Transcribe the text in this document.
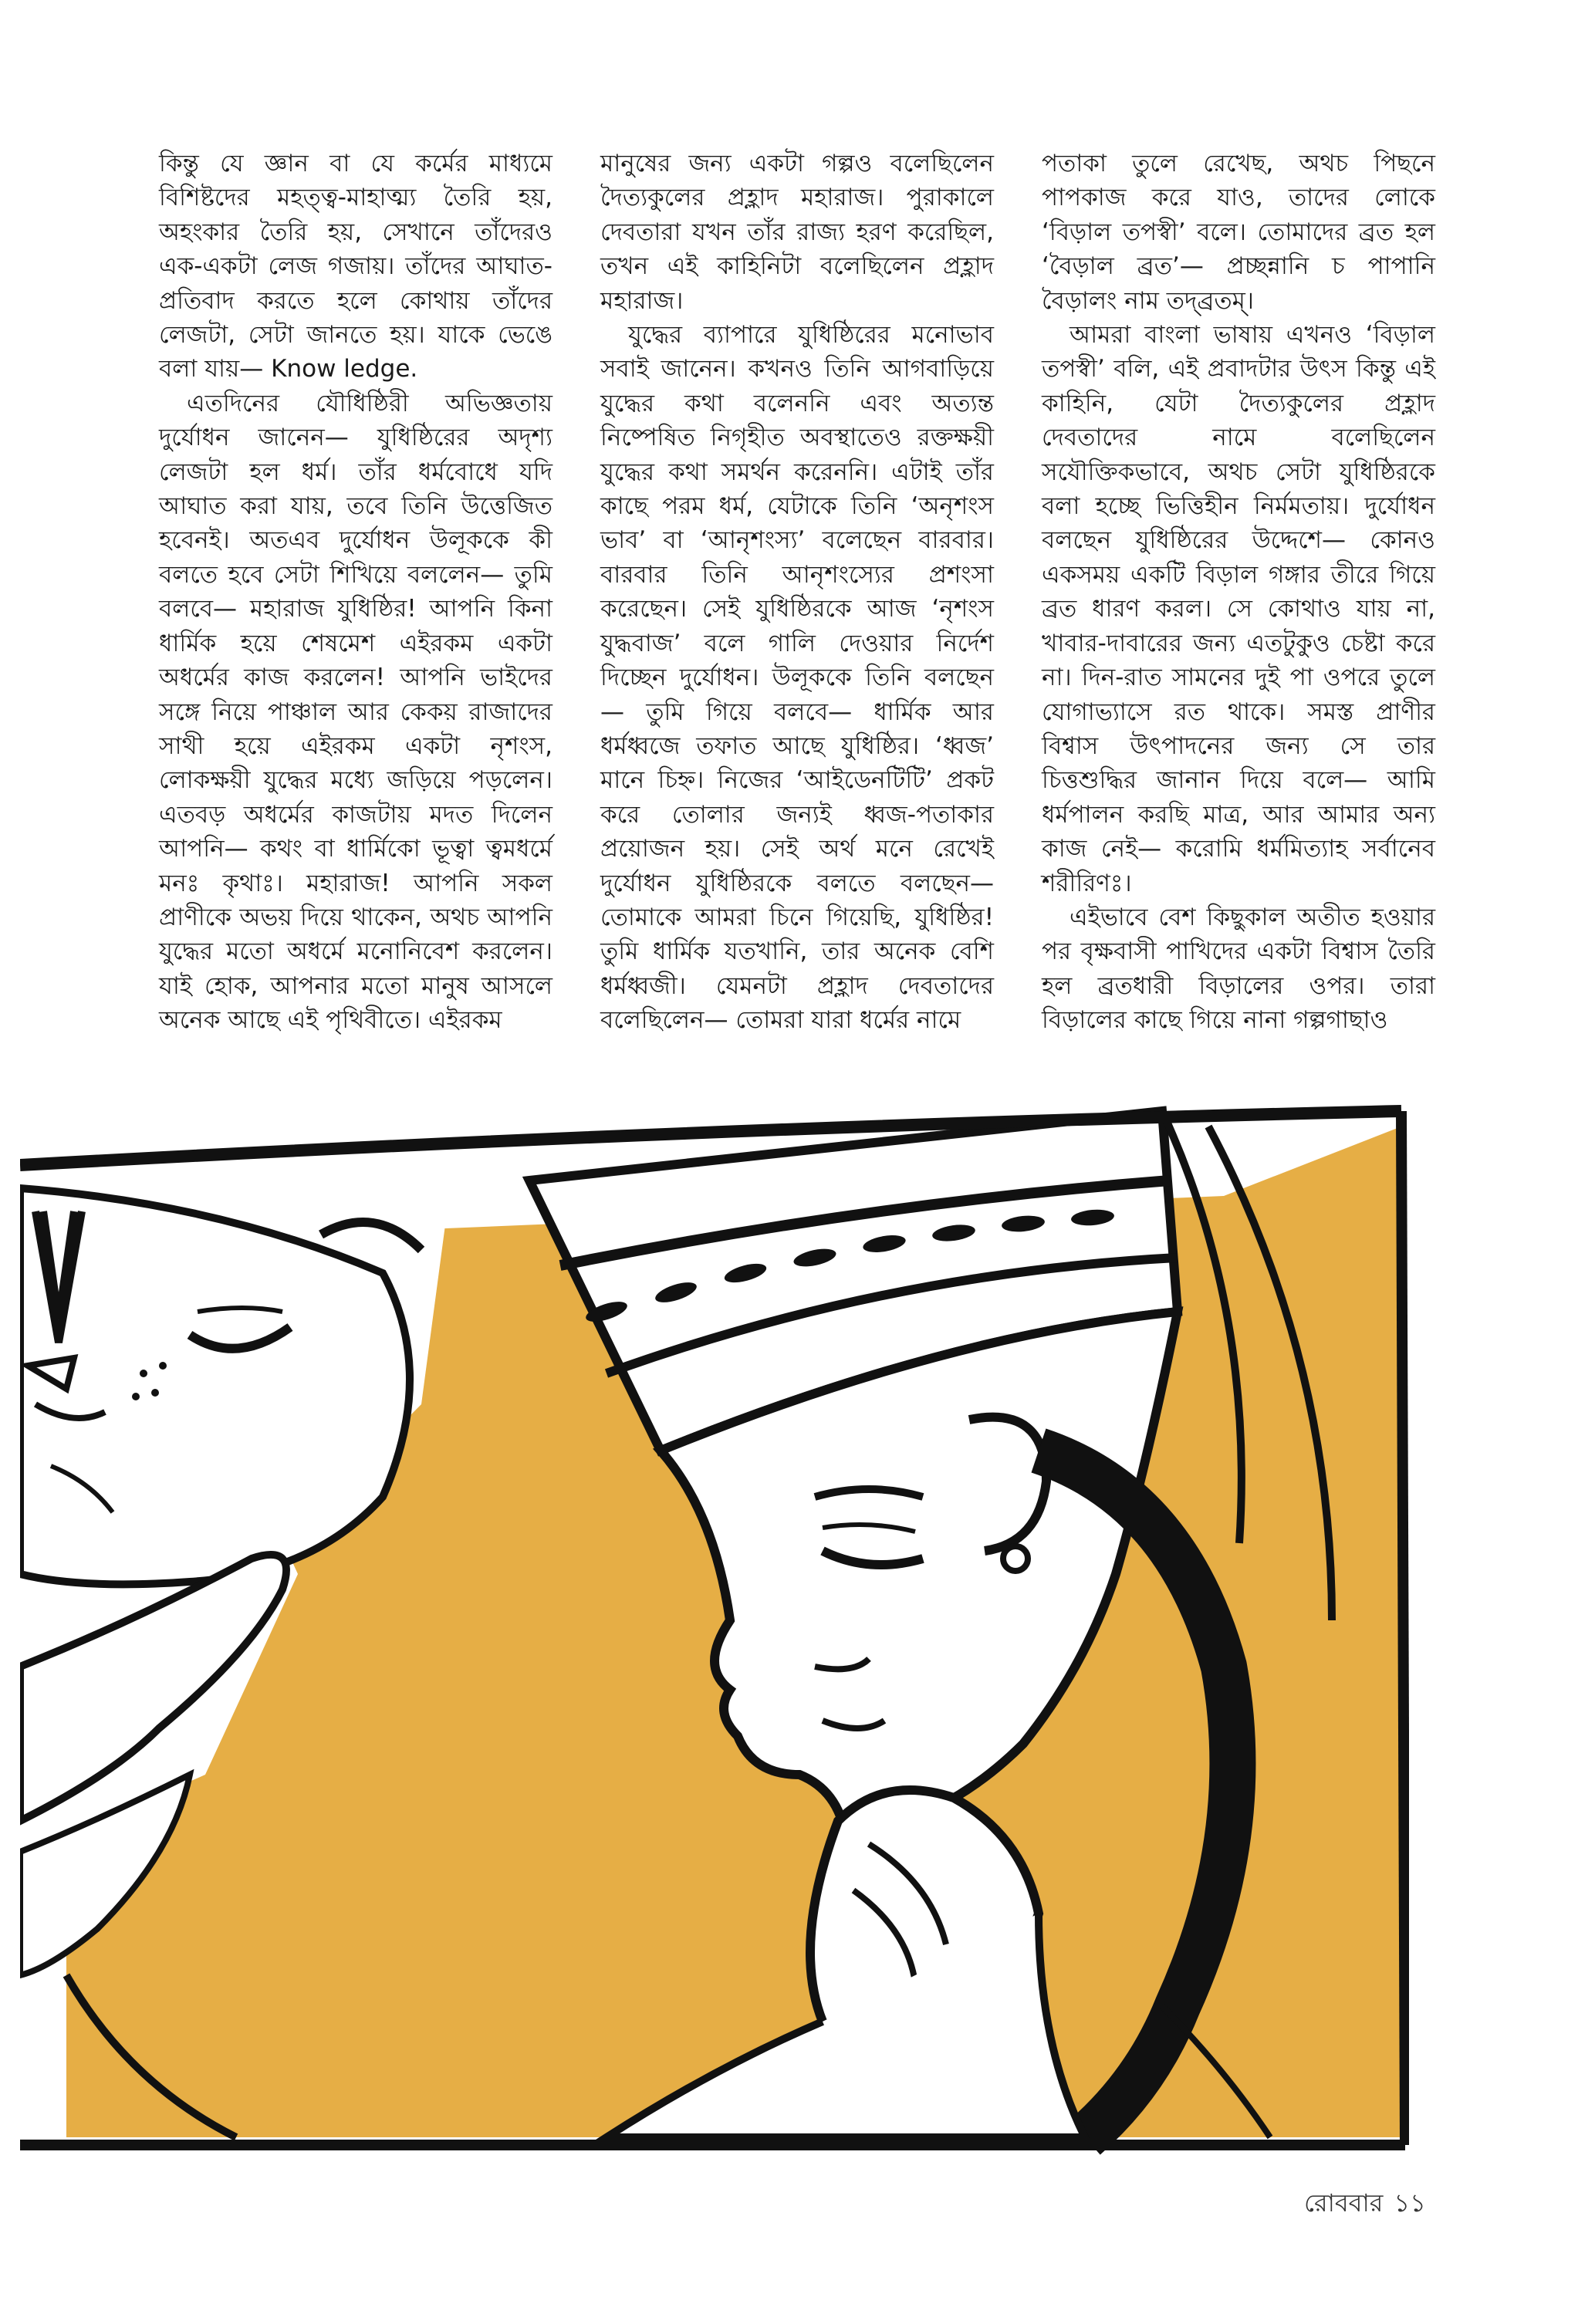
কিন্তু যে জ্ঞান বা যে কর্মের মাধ্যমে বিশিষ্টদের মহত্ত্ব-মাহাত্ম্য তৈরি হয়, অহংকার তৈরি হয়, সেখানে তাঁদেরও এক-একটা লেজ গজায়। তাঁদের আঘাত-প্রতিবাদ করতে হলে কোথায় তাঁদের লেজটা, সেটা জানতে হয়। যাকে ভেঙে বলা যায়— Know ledge.

এতদিনের যৌধিষ্ঠিরী অভিজ্ঞতায় দুর্যোধন জানেন— যুধিষ্ঠিরের অদৃশ্য লেজটা হল ধর্ম। তাঁর ধর্মবোধে যদি আঘাত করা যায়, তবে তিনি উত্তেজিত হবেনই। অতএব দুর্যোধন উলূককে কী বলতে হবে সেটা শিখিয়ে বললেন— তুমি বলবে— মহারাজ যুধিষ্ঠির! আপনি কিনা ধার্মিক হয়ে শেষমেশ এইরকম একটা অধর্মের কাজ করলেন! আপনি ভাইদের সঙ্গে নিয়ে পাঞ্চাল আর কেকয় রাজাদের সাথী হয়ে এইরকম একটা নৃশংস, লোকক্ষয়ী যুদ্ধের মধ্যে জড়িয়ে পড়লেন। এতবড় অধর্মের কাজটায় মদত দিলেন আপনি— কথং বা ধার্মিকো ভূত্বা ত্বমধর্মে মনঃ কৃথাঃ। মহারাজ! আপনি সকল প্রাণীকে অভয় দিয়ে থাকেন, অথচ আপনি যুদ্ধের মতো অধর্মে মনোনিবেশ করলেন। যাই হোক, আপনার মতো মানুষ আসলে অনেক আছে এই পৃথিবীতে। এইরকম

মানুষের জন্য একটা গল্পও বলেছিলেন দৈত্যকুলের প্রহ্লাদ মহারাজ। পুরাকালে দেবতারা যখন তাঁর রাজ্য হরণ করেছিল, তখন এই কাহিনিটা বলেছিলেন প্রহ্লাদ মহারাজ।

যুদ্ধের ব্যাপারে যুধিষ্ঠিরের মনোভাব সবাই জানেন। কখনও তিনি আগবাড়িয়ে যুদ্ধের কথা বলেননি এবং অত্যন্ত নিষ্পেষিত নিগৃহীত অবস্থাতেও রক্তক্ষয়ী যুদ্ধের কথা সমর্থন করেননি। এটাই তাঁর কাছে পরম ধর্ম, যেটাকে তিনি ‘অনৃশংস ভাব’ বা ‘আনৃশংস্য’ বলেছেন বারবার। বারবার তিনি আনৃশংস্যের প্রশংসা করেছেন। সেই যুধিষ্ঠিরকে আজ ‘নৃশংস যুদ্ধবাজ’ বলে গালি দেওয়ার নির্দেশ দিচ্ছেন দুর্যোধন। উলূককে তিনি বলছেন— তুমি গিয়ে বলবে— ধার্মিক আর ধর্মধ্বজে তফাত আছে যুধিষ্ঠির। ‘ধ্বজ’ মানে চিহ্ন। নিজের ‘আইডেনটিটি’ প্রকট করে তোলার জন্যই ধ্বজ-পতাকার প্রয়োজন হয়। সেই অর্থ মনে রেখেই দুর্যোধন যুধিষ্ঠিরকে বলতে বলছেন— তোমাকে আমরা চিনে গিয়েছি, যুধিষ্ঠির! তুমি ধার্মিক যতখানি, তার অনেক বেশি ধর্মধ্বজী। যেমনটা প্রহ্লাদ দেবতাদের বলেছিলেন— তোমরা যারা ধর্মের নামে

পতাকা তুলে রেখেছ, অথচ পিছনে পাপকাজ করে যাও, তাদের লোকে ‘বিড়াল তপস্বী’ বলে। তোমাদের ব্রত হল ‘বৈড়াল ব্রত’— প্রচ্ছন্নানি চ পাপানি বৈড়ালং নাম তদ্‌ব্রতম্‌।

আমরা বাংলা ভাষায় এখনও ‘বিড়াল তপস্বী’ বলি, এই প্রবাদটার উৎস কিন্তু এই কাহিনি, যেটা দৈত্যকুলের প্রহ্লাদ দেবতাদের নামে বলেছিলেন সযৌক্তিকভাবে, অথচ সেটা যুধিষ্ঠিরকে বলা হচ্ছে ভিত্তিহীন নির্মমতায়। দুর্যোধন বলছেন যুধিষ্ঠিরের উদ্দেশে— কোনও একসময় একটি বিড়াল গঙ্গার তীরে গিয়ে ব্রত ধারণ করল। সে কোথাও যায় না, খাবার-দাবারের জন্য এতটুকুও চেষ্টা করে না। দিন-রাত সামনের দুই পা ওপরে তুলে যোগাভ্যাসে রত থাকে। সমস্ত প্রাণীর বিশ্বাস উৎপাদনের জন্য সে তার চিত্তশুদ্ধির জানান দিয়ে বলে— আমি ধর্মপালন করছি মাত্র, আর আমার অন্য কাজ নেই— করোমি ধর্মমিত্যাহ সর্বানেব শরীরিণঃ।

এইভাবে বেশ কিছুকাল অতীত হওয়ার পর বৃক্ষবাসী পাখিদের একটা বিশ্বাস তৈরি হল ব্রতধারী বিড়ালের ওপর। তারা বিড়ালের কাছে গিয়ে নানা গল্পগাছাও

রোববার ১১
